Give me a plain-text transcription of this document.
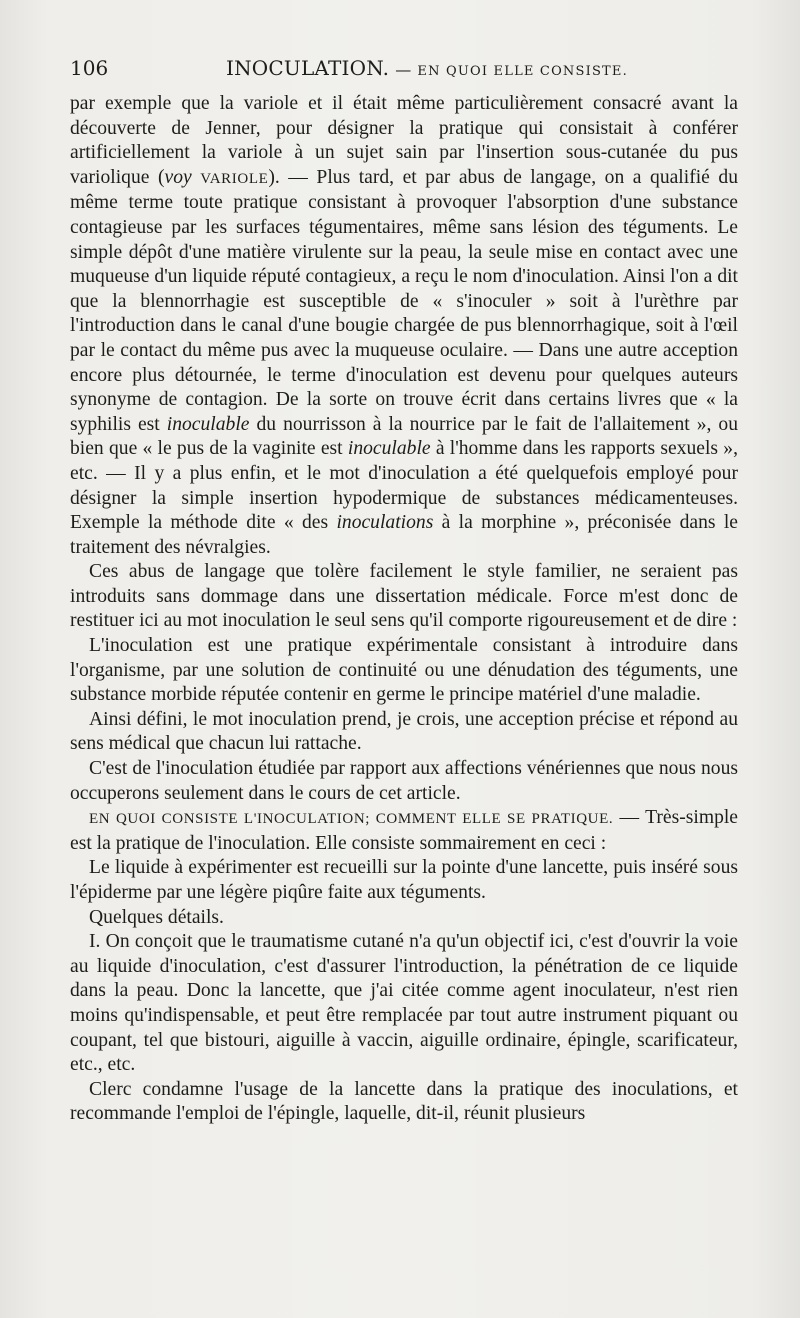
106	INOCULATION. — EN QUOI ELLE CONSISTE.

par exemple que la variole et il était même particulièrement consacré avant la découverte de Jenner, pour désigner la pratique qui consistait à conférer artificiellement la variole à un sujet sain par l'insertion sous-cutanée du pus variolique (voy VARIOLE). — Plus tard, et par abus de langage, on a qualifié du même terme toute pratique consistant à provoquer l'absorption d'une substance contagieuse par les surfaces tégumentaires, même sans lésion des téguments. Le simple dépôt d'une matière virulente sur la peau, la seule mise en contact avec une muqueuse d'un liquide réputé contagieux, a reçu le nom d'inoculation. Ainsi l'on a dit que la blennorrhagie est susceptible de « s'inoculer » soit à l'urèthre par l'introduction dans le canal d'une bougie chargée de pus blennorrhagique, soit à l'œil par le contact du même pus avec la muqueuse oculaire. — Dans une autre acception encore plus détournée, le terme d'inoculation est devenu pour quelques auteurs synonyme de contagion. De la sorte on trouve écrit dans certains livres que « la syphilis est inoculable du nourrisson à la nourrice par le fait de l'allaitement », ou bien que « le pus de la vaginite est inoculable à l'homme dans les rapports sexuels », etc. — Il y a plus enfin, et le mot d'inoculation a été quelquefois employé pour désigner la simple insertion hypodermique de substances médicamenteuses. Exemple la méthode dite « des inoculations à la morphine », préconisée dans le traitement des névralgies.

Ces abus de langage que tolère facilement le style familier, ne seraient pas introduits sans dommage dans une dissertation médicale. Force m'est donc de restituer ici au mot inoculation le seul sens qu'il comporte rigoureusement et de dire :

L'inoculation est une pratique expérimentale consistant à introduire dans l'organisme, par une solution de continuité ou une dénudation des téguments, une substance morbide réputée contenir en germe le principe matériel d'une maladie.

Ainsi défini, le mot inoculation prend, je crois, une acception précise et répond au sens médical que chacun lui rattache.

C'est de l'inoculation étudiée par rapport aux affections vénériennes que nous nous occuperons seulement dans le cours de cet article.

EN QUOI CONSISTE L'INOCULATION; COMMENT ELLE SE PRATIQUE. — Très-simple est la pratique de l'inoculation. Elle consiste sommairement en ceci :

Le liquide à expérimenter est recueilli sur la pointe d'une lancette, puis inséré sous l'épiderme par une légère piqûre faite aux téguments.

Quelques détails.

I. On conçoit que le traumatisme cutané n'a qu'un objectif ici, c'est d'ouvrir la voie au liquide d'inoculation, c'est d'assurer l'introduction, la pénétration de ce liquide dans la peau. Donc la lancette, que j'ai citée comme agent inoculateur, n'est rien moins qu'indispensable, et peut être remplacée par tout autre instrument piquant ou coupant, tel que bistouri, aiguille à vaccin, aiguille ordinaire, épingle, scarificateur, etc., etc.

Clerc condamne l'usage de la lancette dans la pratique des inoculations, et recommande l'emploi de l'épingle, laquelle, dit-il, réunit plusieurs
